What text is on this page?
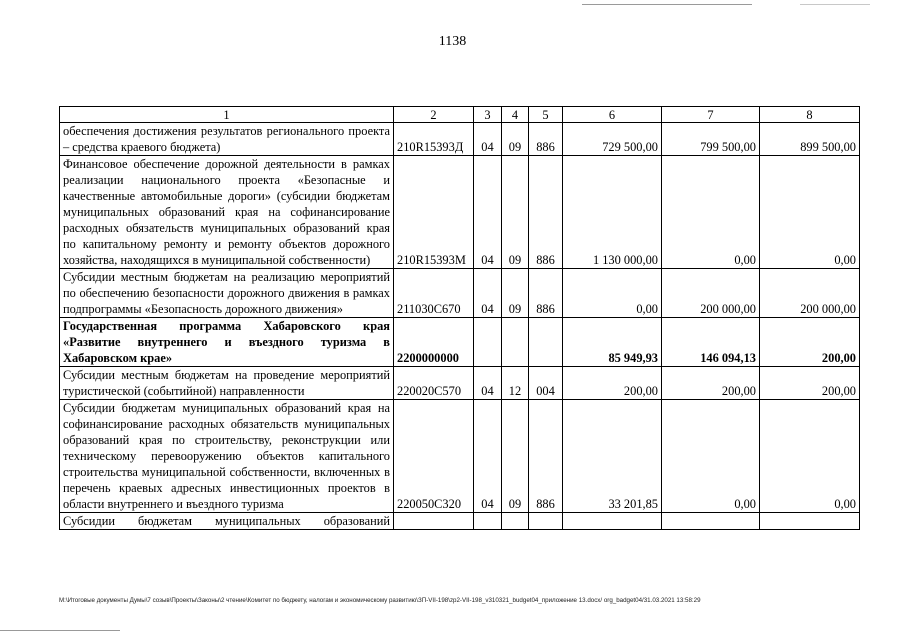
1138
1	2	3	4	5	6	7	8
обеспечения достижения результатов регионального проекта – средства краевого бюджета)	210R15393Д	04	09	886	729 500,00	799 500,00	899 500,00
Финансовое обеспечение дорожной деятельности в рамках реализации национального проекта «Безопасные и качественные автомобильные дороги» (субсидии бюджетам муниципальных образований края на софинансирование расходных обязательств муниципальных образований края по капитальному ремонту и ремонту объектов дорожного хозяйства, находящихся в муниципальной собственности)	210R15393М	04	09	886	1 130 000,00	0,00	0,00
Субсидии местным бюджетам на реализацию мероприятий по обеспечению безопасности дорожного движения в рамках подпрограммы «Безопасность дорожного движения»	211030С670	04	09	886	0,00	200 000,00	200 000,00
Государственная программа Хабаровского края «Развитие внутреннего и въездного туризма в Хабаровском крае»	2200000000				85 949,93	146 094,13	200,00
Субсидии местным бюджетам на проведение мероприятий туристической (событийной) направленности	220020С570	04	12	004	200,00	200,00	200,00
Субсидии бюджетам муниципальных образований края на софинансирование расходных обязательств муниципальных образований края по строительству, реконструкции или техническому перевооружению объектов капитального строительства муниципальной собственности, включенных в перечень краевых адресных инвестиционных проектов в области внутреннего и въездного туризма	220050С320	04	09	886	33 201,85	0,00	0,00
Субсидии бюджетам муниципальных образований							
M:\Итоговые документы Думы\7 созыв\Проекты\Законы\2 чтение\Комитет по бюджету, налогам и экономическому развитию\ЗП-VII-198\zp2-VII-198_v310321_budget04_приложение 13.docx/ org_badget04/31.03.2021 13:58:29
